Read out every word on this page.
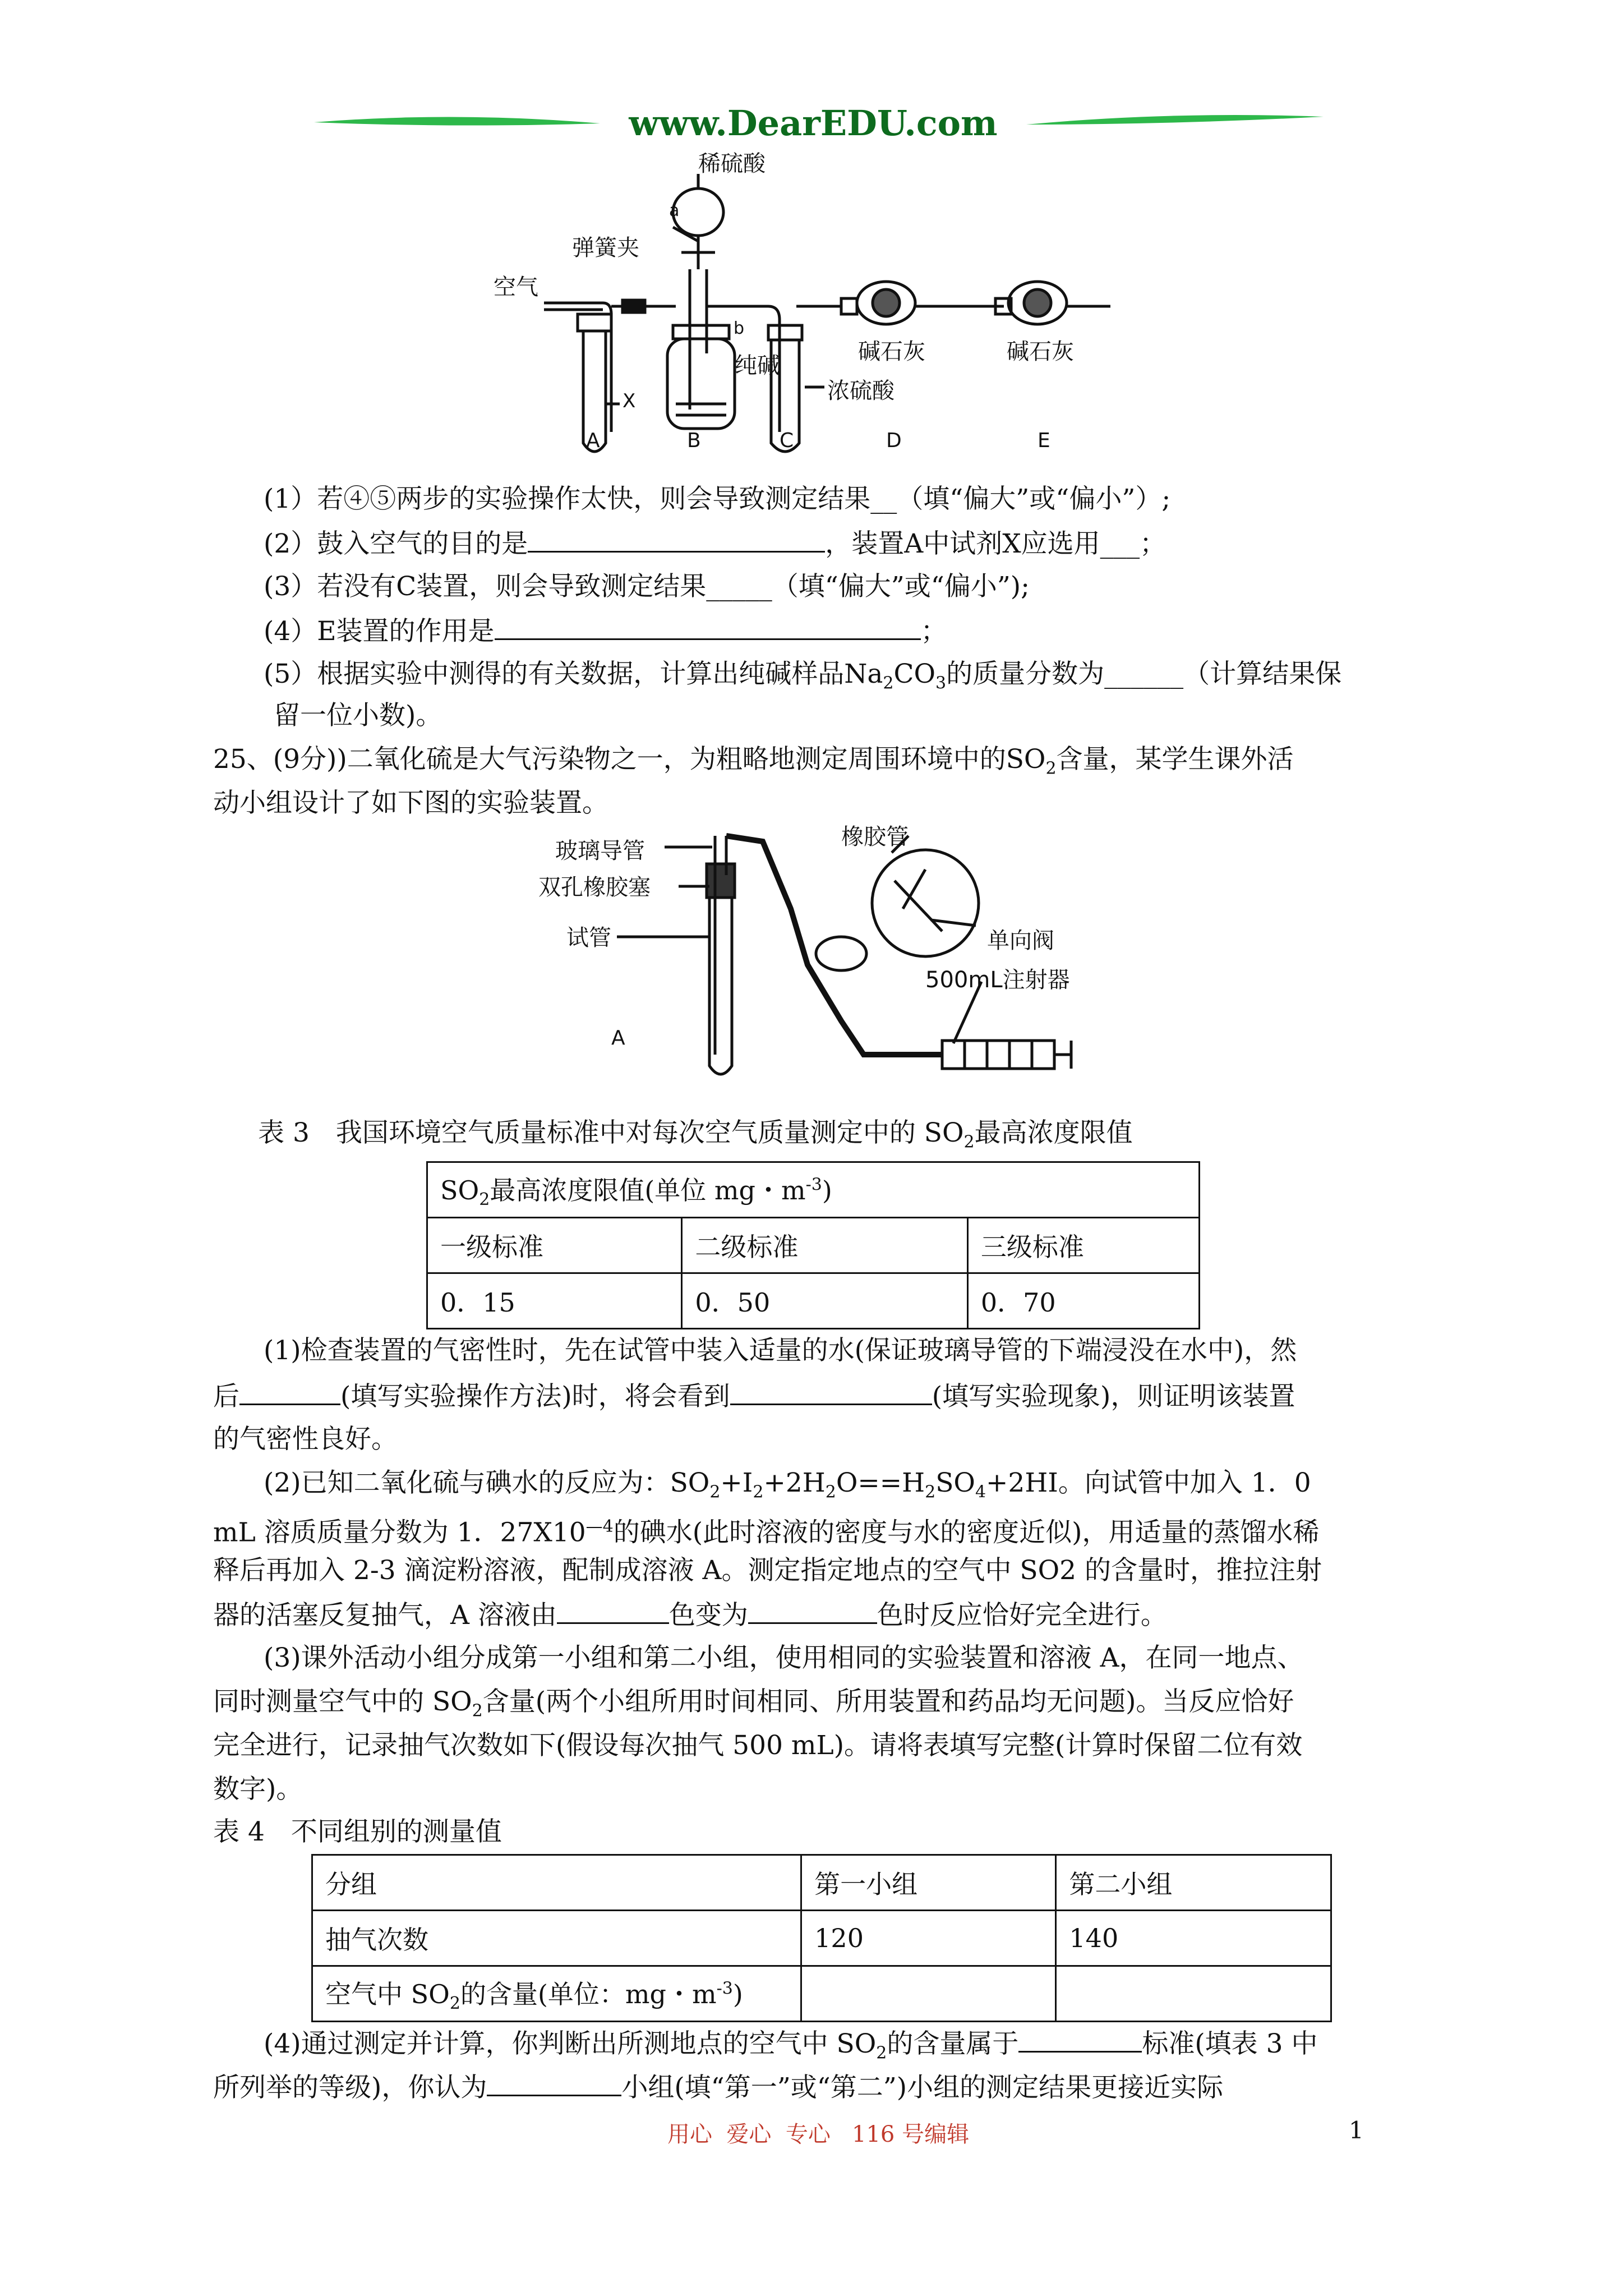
www.DearEDU.com
稀硫酸
a
弹簧夹
空气
b
纯碱
X	浓硫酸
碱石灰	碱石灰
A	B	C	D	E
(1）若④⑤两步的实验操作太快，则会导致测定结果__（填“偏大”或“偏小”）;
(2）鼓入空气的目的是	，装置A中试剂X应选用___；
(3）若没有C装置，则会导致测定结果_____（填“偏大”或“偏小”);
(4）E装置的作用是	；
(5）根据实验中测得的有关数据，计算出纯碱样品$Na_2CO_3$的质量分数为______（计算结果保
留一位小数)。
25、(9分))二氧化硫是大气污染物之一，为粗略地测定周围环境中的$SO_2$含量，某学生课外活
动小组设计了如下图的实验装置。
玻璃导管
橡胶管
双孔橡胶塞
试管	单向阀
500mL注射器
A
表 3　我国环境空气质量标准中对每次空气质量测定中的 $SO_2$最高浓度限值
$SO_2$最高浓度限值(单位 mg・$m^{-3}$)		
一级标准	二级标准	三级标准
0．15	0．50	0．70
(1)检查装置的气密性时，先在试管中装入适量的水(保证玻璃导管的下端浸没在水中)，然
后	(填写实验操作方法)时，将会看到	(填写实验现象)，则证明该装置
的气密性良好。
(2)已知二氧化硫与碘水的反应为：$SO_2+I_2+2H_2O==H_2SO_4+2HI$。向试管中加入 1．0
mL 溶质质量分数为 1．$27X10^{—4}$的碘水(此时溶液的密度与水的密度近似)，用适量的蒸馏水稀
释后再加入 2-3 滴淀粉溶液，配制成溶液 A。测定指定地点的空气中 SO2 的含量时，推拉注射
器的活塞反复抽气，A 溶液由	色变为	色时反应恰好完全进行。
(3)课外活动小组分成第一小组和第二小组，使用相同的实验装置和溶液 A，在同一地点、
同时测量空气中的 $SO_2$含量(两个小组所用时间相同、所用装置和药品均无问题)。当反应恰好
完全进行，记录抽气次数如下(假设每次抽气 500 mL)。请将表填写完整(计算时保留二位有效
数字)。
表 4　不同组别的测量值
分组	第一小组	第二小组
抽气次数	120	140
空气中 $SO_2$的含量(单位：mg・$m^{-3}$)		
(4)通过测定并计算，你判断出所测地点的空气中 $SO_2$的含量属于	标准(填表 3 中
所列举的等级)，你认为	小组(填“第一”或“第二”)小组的测定结果更接近实际
用心  爱心  专心   116 号编辑	1
